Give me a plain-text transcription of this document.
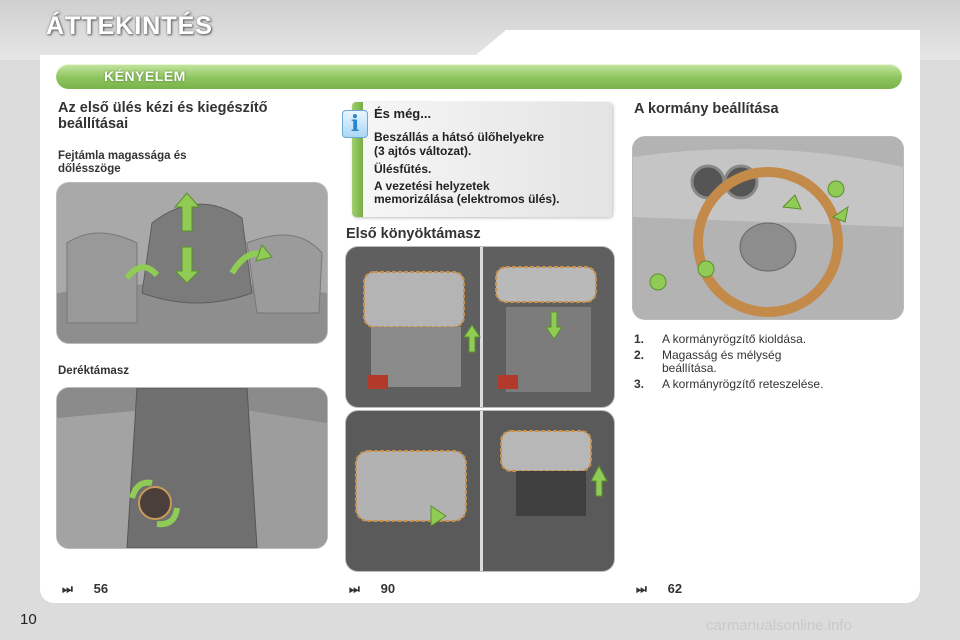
ÁTTEKINTÉS
KÉNYELEM
Az első ülés kézi és kiegészítő
beállításai
Fejtámla magassága és
dőlésszöge
Deréktámasz
⏭ 56
i	És még...
Beszállás a hátsó ülőhelyekre
(3 ajtós változat).
Ülésfűtés.
A vezetési helyzetek
memorizálása (elektromos ülés).
Első könyöktámasz
⏭ 90
A kormány beállítása
1. A kormányrögzítő kioldása.
2. Magasság és mélység beállítása.
3. A kormányrögzítő reteszelése.
⏭ 62
10	carmanualsonline.info
